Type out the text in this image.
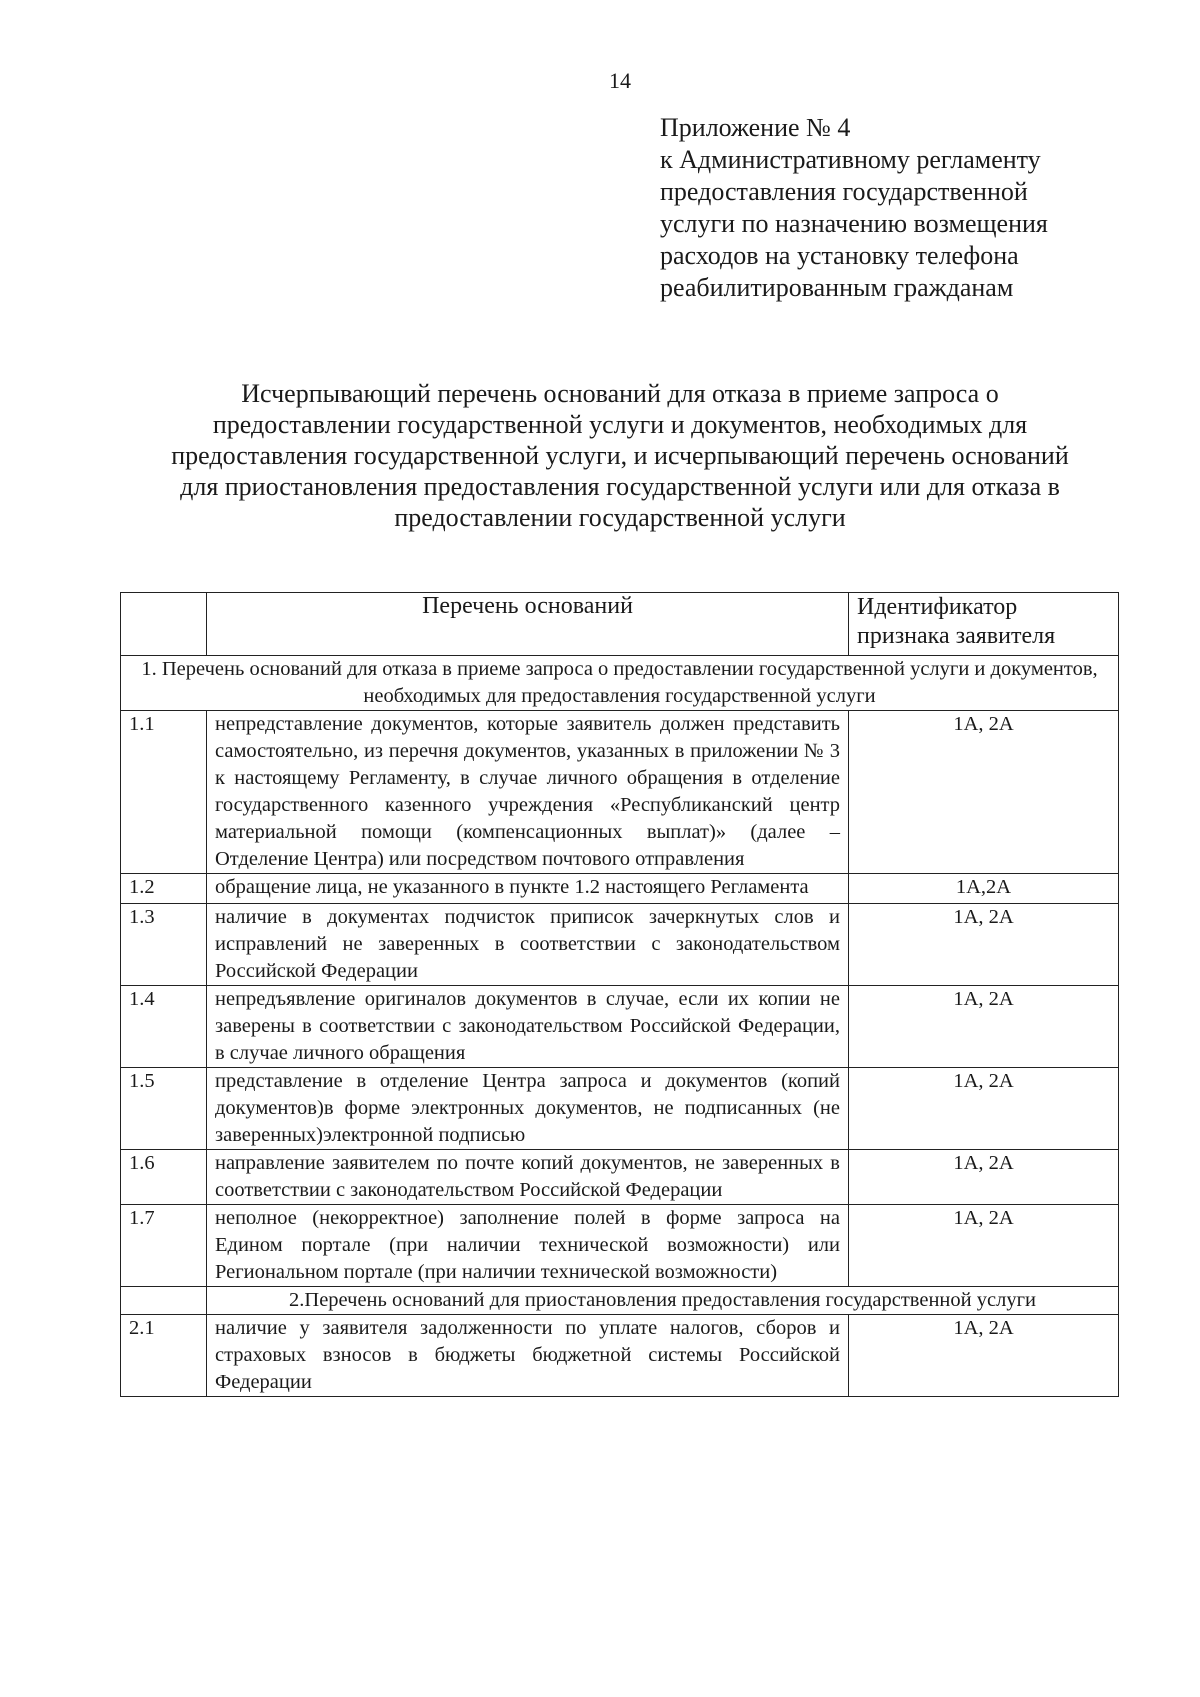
14
Приложение № 4
к Административному регламенту
предоставления государственной
услуги по назначению возмещения
расходов на установку телефона
реабилитированным гражданам
Исчерпывающий перечень оснований для отказа в приеме запроса о
предоставлении государственной услуги и документов, необходимых для
предоставления государственной услуги, и исчерпывающий перечень оснований
для приостановления предоставления государственной услуги или для отказа в
предоставлении государственной услуги
	Перечень оснований	Идентификатор признака заявителя
1. Перечень оснований для отказа в приеме запроса о предоставлении государственной услуги и документов, необходимых для предоставления государственной услуги		
1.1	непредставление документов, которые заявитель должен представить самостоятельно, из перечня документов, указанных в приложении № 3 к настоящему Регламенту, в случае личного обращения в отделение государственного казенного учреждения «Республиканский центр материальной помощи (компенсационных выплат)» (далее – Отделение Центра) или посредством почтового отправления	1А, 2А
1.2	обращение лица, не указанного в пункте 1.2 настоящего Регламента	1А,2А
1.3	наличие в документах подчисток приписок зачеркнутых слов и исправлений не заверенных в соответствии с законодательством Российской Федерации	1А, 2А
1.4	непредъявление оригиналов документов в случае, если их копии не заверены в соответствии с законодательством Российской Федерации, в случае личного обращения	1А, 2А
1.5	представление в отделение Центра запроса и документов (копий документов)в форме электронных документов, не подписанных (не заверенных)электронной подписью	1А, 2А
1.6	направление заявителем по почте копий документов, не заверенных в соответствии с законодательством Российской Федерации	1А, 2А
1.7	неполное (некорректное) заполнение полей в форме запроса на Едином портале (при наличии технической возможности) или Региональном портале (при наличии технической возможности)	1А, 2А
	2.Перечень оснований для приостановления предоставления государственной услуги	
2.1	наличие у заявителя задолженности по уплате налогов, сборов и страховых взносов в бюджеты бюджетной системы Российской Федерации	1А, 2А
